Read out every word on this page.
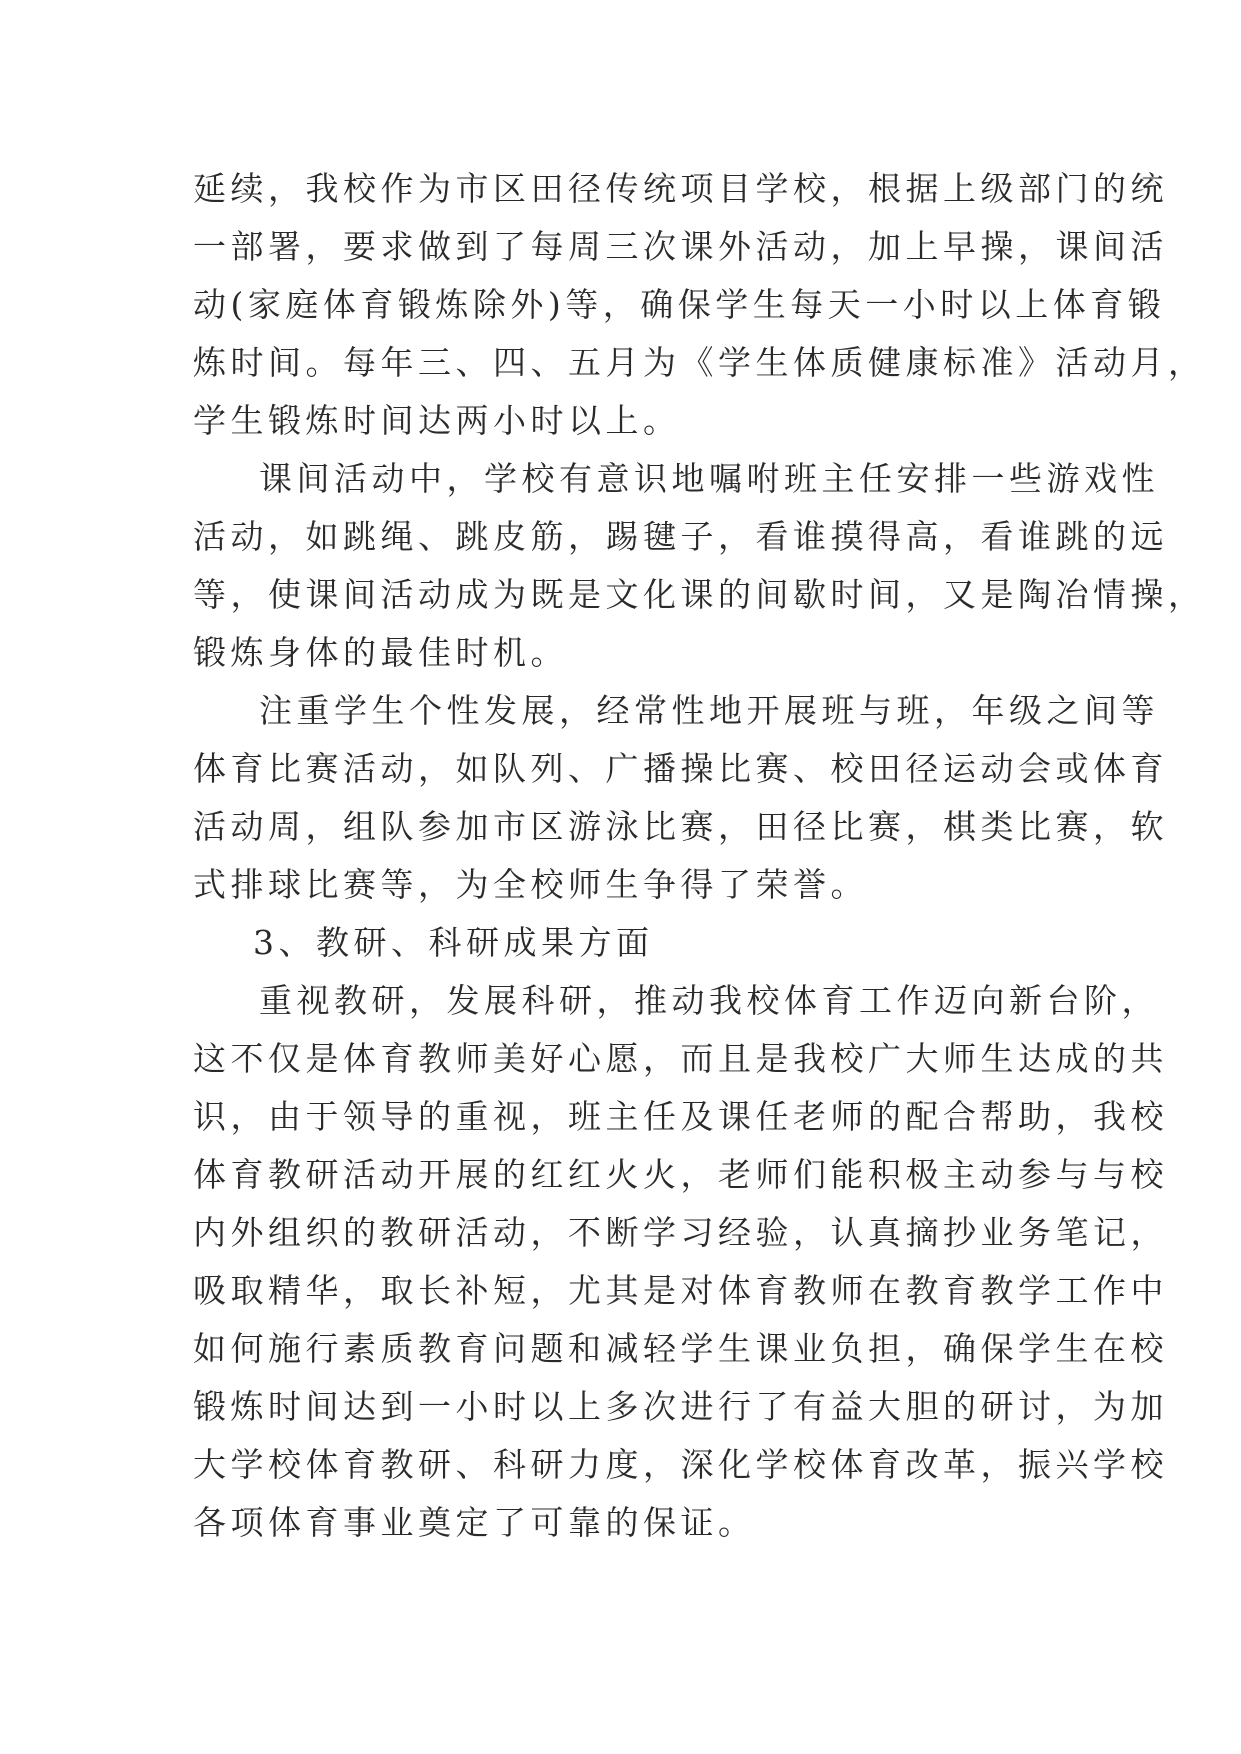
延续，我校作为市区田径传统项目学校，根据上级部门的统
一部署，要求做到了每周三次课外活动，加上早操，课间活
动(家庭体育锻炼除外)等，确保学生每天一小时以上体育锻
炼时间。每年三、四、五月为《学生体质健康标准》活动月，
学生锻炼时间达两小时以上。
课间活动中，学校有意识地嘱咐班主任安排一些游戏性
活动，如跳绳、跳皮筋，踢毽子，看谁摸得高，看谁跳的远
等，使课间活动成为既是文化课的间歇时间，又是陶冶情操，
锻炼身体的最佳时机。
注重学生个性发展，经常性地开展班与班，年级之间等
体育比赛活动，如队列、广播操比赛、校田径运动会或体育
活动周，组队参加市区游泳比赛，田径比赛，棋类比赛，软
式排球比赛等，为全校师生争得了荣誉。
3、教研、科研成果方面
重视教研，发展科研，推动我校体育工作迈向新台阶，
这不仅是体育教师美好心愿，而且是我校广大师生达成的共
识，由于领导的重视，班主任及课任老师的配合帮助，我校
体育教研活动开展的红红火火，老师们能积极主动参与与校
内外组织的教研活动，不断学习经验，认真摘抄业务笔记，
吸取精华，取长补短，尤其是对体育教师在教育教学工作中
如何施行素质教育问题和减轻学生课业负担，确保学生在校
锻炼时间达到一小时以上多次进行了有益大胆的研讨，为加
大学校体育教研、科研力度，深化学校体育改革，振兴学校
各项体育事业奠定了可靠的保证。
